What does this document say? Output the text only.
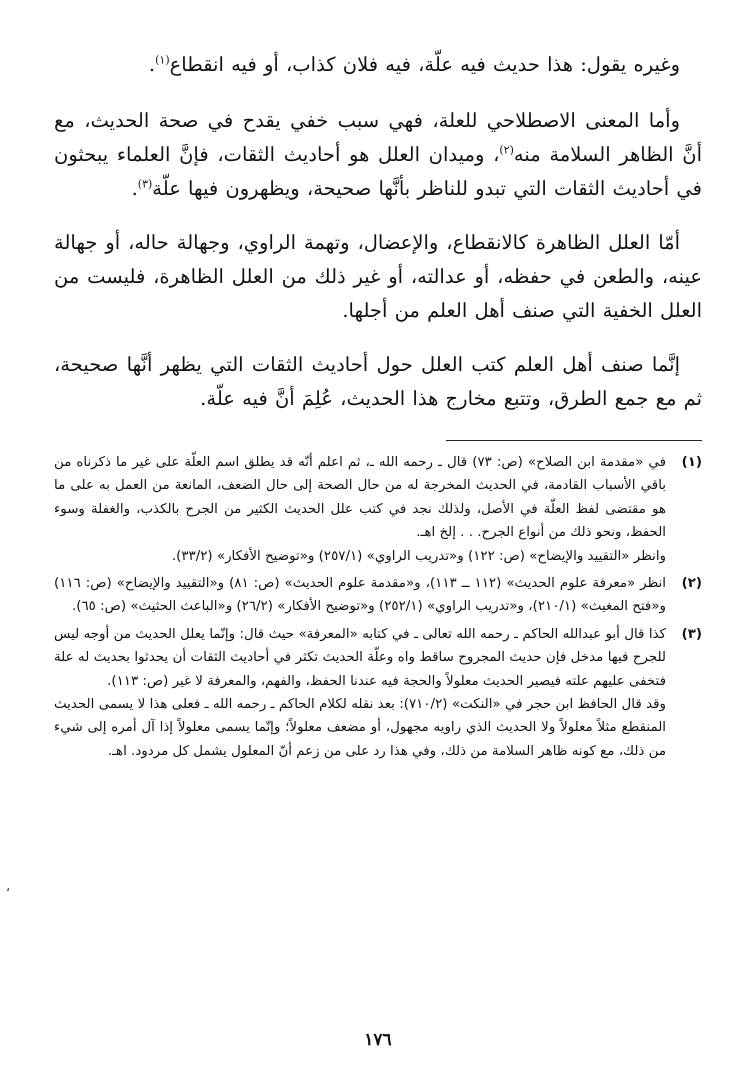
وغيره يقول: هذا حديث فيه علّة، فيه فلان كذاب، أو فيه انقطاع$^{(١)}$.

وأما المعنى الاصطلاحي للعلة، فهي سبب خفي يقدح في صحة الحديث، مع أنَّ الظاهر السلامة منه$^{(٢)}$، وميدان العلل هو أحاديث الثقات، فإنَّ العلماء يبحثون في أحاديث الثقات التي تبدو للناظر بأنَّها صحيحة، ويظهرون فيها علّة$^{(٣)}$.

أمّا العلل الظاهرة كالانقطاع، والإعضال، وتهمة الراوي، وجهالة حاله، أو جهالة عينه، والطعن في حفظه، أو عدالته، أو غير ذلك من العلل الظاهرة، فليست من العلل الخفية التي صنف أهل العلم من أجلها.

إنَّما صنف أهل العلم كتب العلل حول أحاديث الثقات التي يظهر أنَّها صحيحة، ثم مع جمع الطرق، وتتبع مخارج هذا الحديث، عُلِمَ أنَّ فيه علّة.

(١)
في «مقدمة ابن الصلاح» (ص: ٧٣) قال ـ رحمه الله ـ، ثم اعلم أنّه قد يطلق اسم العلّة على غير ما ذكرناه من باقي الأسباب القادمة، في الحديث المخرجة له من حال الصحة إلى حال الضعف، المانعة من العمل به على ما هو مقتضى لفظ العلّة في الأصل، ولذلك نجد في كتب علل الحديث الكثير من الجرح بالكذب، والغفلة وسوء الحفظ، ونحو ذلك من أنواع الجرح. . . إلخ اهـ.
وانظر «التقييد والإيضاح» (ص: ١٢٢) و«تدريب الراوي» (٢٥٧/١) و«توضيح الأفكار» (٣٣/٢).
(٢)
انظر «معرفة علوم الحديث» (١١٢ ــ ١١٣)، و«مقدمة علوم الحديث» (ص: ٨١) و«التقييد والإيضاح» (ص: ١١٦) و«فتح المغيث» (٢١٠/١)، و«تدريب الراوي» (٢٥٢/١) و«توضيح الأفكار» (٢٦/٢) و«الباعث الحثيث» (ص: ٦٥).
(٣)
كذا قال أبو عبدالله الحاكم ـ رحمه الله تعالى ـ في كتابه «المعرفة» حيث قال: وإنّما يعلل الحديث من أوجه ليس للجرح فيها مدخل فإن حديث المجروح ساقط واه وعلّة الحديث تكثر في أحاديث الثقات أن يحدثوا بحديث له علة فتخفى عليهم علته فيصير الحديث معلولاً والحجة فيه عندنا الحفظ، والفهم، والمعرفة لا غير (ص: ١١٣).
وقد قال الحافظ ابن حجر في «النكت» (٧١٠/٢): بعد نقله لكلام الحاكم ـ رحمه الله ـ فعلى هذا لا يسمى الحديث المنقطع مثلاً معلولاً ولا الحديث الذي راويه مجهول، أو مضعف معلولاً؛ وإنّما يسمى معلولاً إذا آل أمره إلى شيء من ذلك، مع كونه ظاهر السلامة من ذلك، وفي هذا رد على من زعم أنّ المعلول يشمل كل مردود. اهـ.
١٧٦
،
